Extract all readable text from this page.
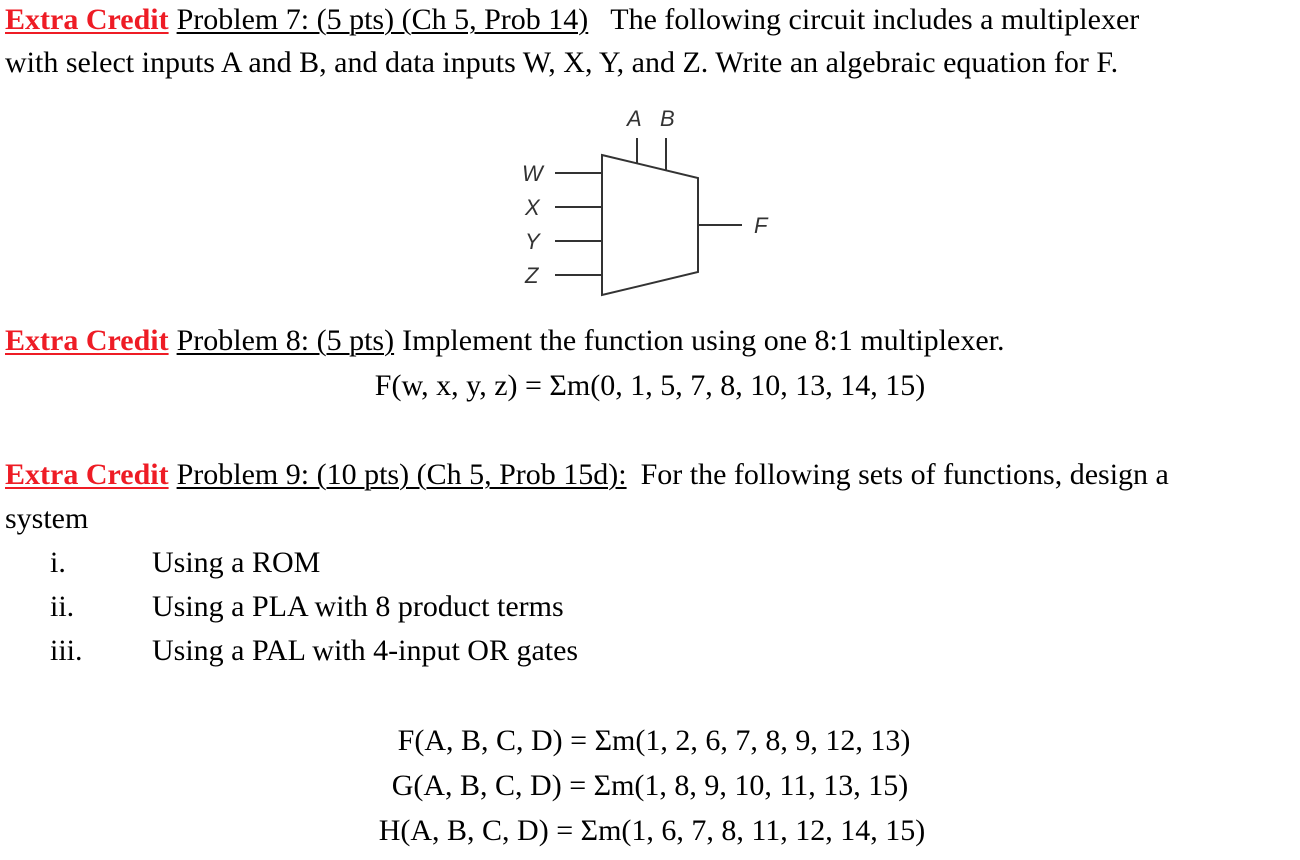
Extra Credit Problem 7: (5 pts) (Ch 5, Prob 14) The following circuit includes a multiplexer
with select inputs A and B, and data inputs W, X, Y, and Z. Write an algebraic equation for F.
A B
W
X
Y
Z
F
Extra Credit Problem 8: (5 pts) Implement the function using one 8:1 multiplexer.
F(w, x, y, z) = Σm(0, 1, 5, 7, 8, 10, 13, 14, 15)
Extra Credit Problem 9: (10 pts) (Ch 5, Prob 15d): For the following sets of functions, design a
system
i.	Using a ROM
ii.	Using a PLA with 8 product terms
iii. Using a PAL with 4-input OR gates
F(A, B, C, D) = Σm(1, 2, 6, 7, 8, 9, 12, 13)
G(A, B, C, D) = Σm(1, 8, 9, 10, 11, 13, 15)
H(A, B, C, D) = Σm(1, 6, 7, 8, 11, 12, 14, 15)
